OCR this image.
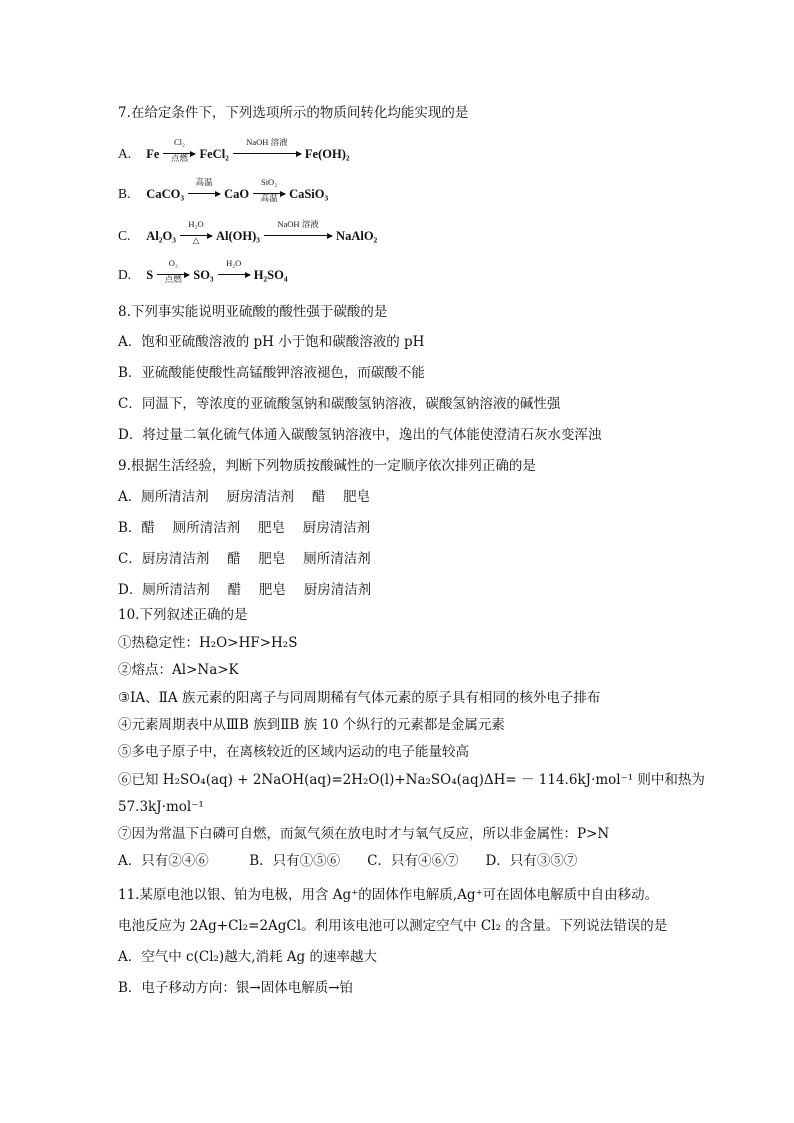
7.在给定条件下，下列选项所示的物质间转化均能实现的是
A. Fe
Cl₂
点燃 FeCl₂
NaOH 溶液
Fe(OH)₂
B. CaCO₃
高温
CaO
SiO₂
高温 CaSiO₃
C. Al₂O₃
H₂O
△ Al(OH)₃
NaOH 溶液
NaAlO₂
D. S
O₂
点燃 SO₃
H₂O
H₂SO₄
8.下列事实能说明亚硫酸的酸性强于碳酸的是
A．饱和亚硫酸溶液的 pH 小于饱和碳酸溶液的 pH
B．亚硫酸能使酸性高锰酸钾溶液褪色，而碳酸不能
C．同温下，等浓度的亚硫酸氢钠和碳酸氢钠溶液，碳酸氢钠溶液的碱性强
D．将过量二氧化硫气体通入碳酸氢钠溶液中，逸出的气体能使澄清石灰水变浑浊
9.根据生活经验，判断下列物质按酸碱性的一定顺序依次排列正确的是
A．厕所清洁剂　 厨房清洁剂　 醋　 肥皂
B．醋　 厕所清洁剂　 肥皂　 厨房清洁剂
C．厨房清洁剂　 醋　 肥皂　 厕所清洁剂
D．厕所清洁剂　 醋　 肥皂　 厨房清洁剂
10.下列叙述正确的是
①热稳定性：H₂O>HF>H₂S
②熔点：Al>Na>K
③ⅠA、ⅡA 族元素的阳离子与同周期稀有气体元素的原子具有相同的核外电子排布
④元素周期表中从ⅢB 族到ⅡB 族 10 个纵行的元素都是金属元素
⑤多电子原子中，在离核较近的区域内运动的电子能量较高
⑥已知 H₂SO₄(aq) + 2NaOH(aq)=2H₂O(l)+Na₂SO₄(aq)ΔH= － 114.6kJ·mol⁻¹ 则中和热为
57.3kJ·mol⁻¹
⑦因为常温下白磷可自燃，而氮气须在放电时才与氧气反应，所以非金属性：P>N
A．只有②④⑥　　　B．只有①⑤⑥　　C．只有④⑥⑦　　D．只有③⑤⑦
11.某原电池以银、铂为电极，用含 Ag⁺的固体作电解质,Ag⁺可在固体电解质中自由移动。
电池反应为 2Ag+Cl₂=2AgCl。利用该电池可以测定空气中 Cl₂ 的含量。下列说法错误的是
A．空气中 c(Cl₂)越大,消耗 Ag 的速率越大
B．电子移动方向：银→固体电解质→铂
